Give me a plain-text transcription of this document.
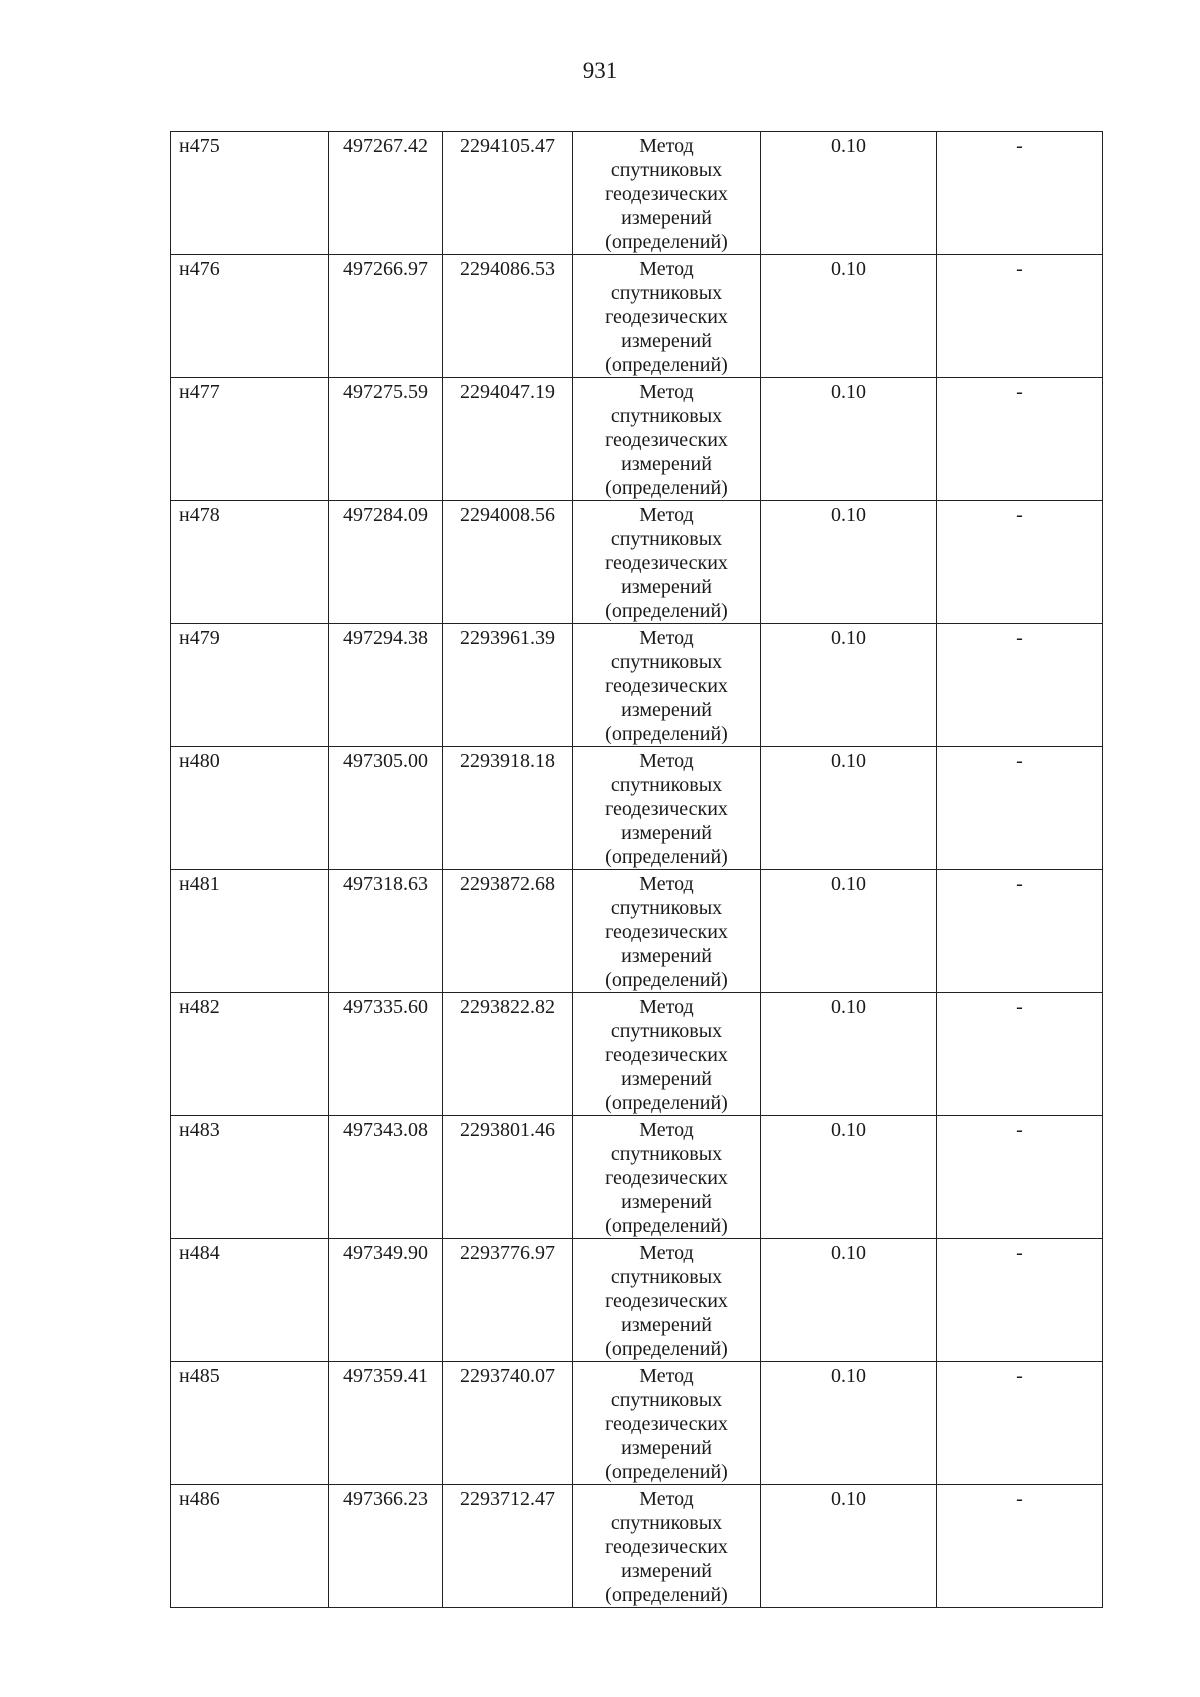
931
н475	497267.42	2294105.47	Метод
спутниковых
геодезических
измерений
(определений)	0.10	-
н476	497266.97	2294086.53	Метод
спутниковых
геодезических
измерений
(определений)	0.10	-
н477	497275.59	2294047.19	Метод
спутниковых
геодезических
измерений
(определений)	0.10	-
н478	497284.09	2294008.56	Метод
спутниковых
геодезических
измерений
(определений)	0.10	-
н479	497294.38	2293961.39	Метод
спутниковых
геодезических
измерений
(определений)	0.10	-
н480	497305.00	2293918.18	Метод
спутниковых
геодезических
измерений
(определений)	0.10	-
н481	497318.63	2293872.68	Метод
спутниковых
геодезических
измерений
(определений)	0.10	-
н482	497335.60	2293822.82	Метод
спутниковых
геодезических
измерений
(определений)	0.10	-
н483	497343.08	2293801.46	Метод
спутниковых
геодезических
измерений
(определений)	0.10	-
н484	497349.90	2293776.97	Метод
спутниковых
геодезических
измерений
(определений)	0.10	-
н485	497359.41	2293740.07	Метод
спутниковых
геодезических
измерений
(определений)	0.10	-
н486	497366.23	2293712.47	Метод
спутниковых
геодезических
измерений
(определений)	0.10	-
